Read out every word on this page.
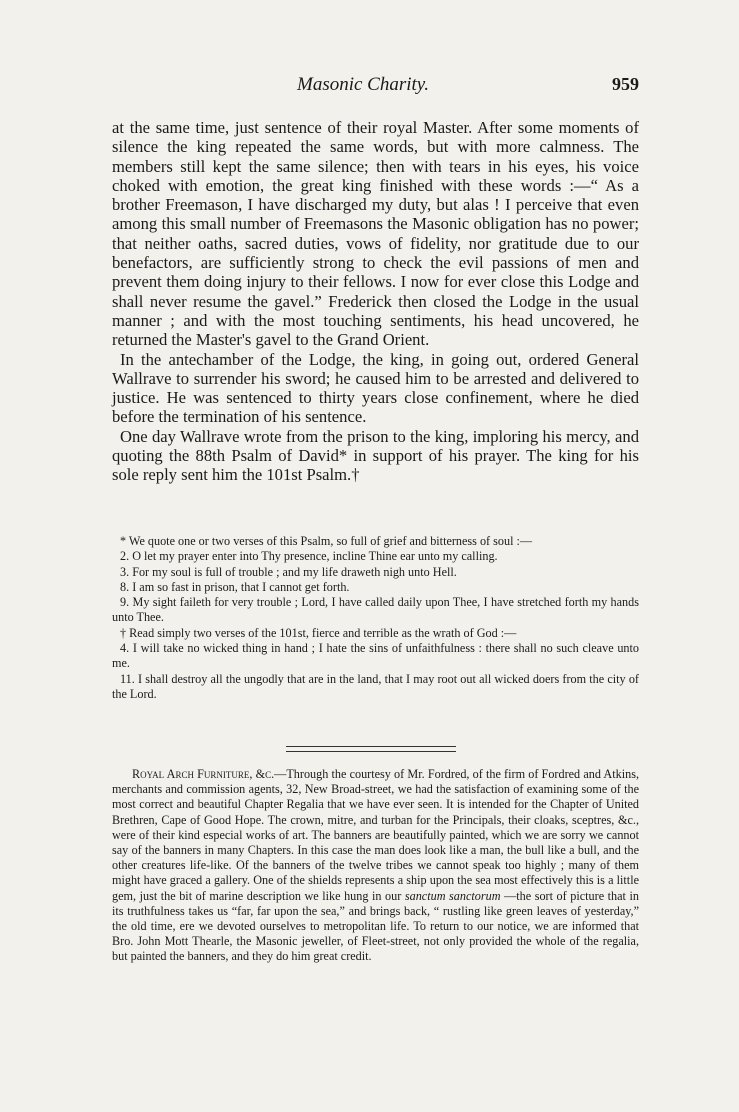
Masonic Charity.	959

at the same time, just sentence of their royal Master. After some moments of silence the king repeated the same words, but with more calmness. The members still kept the same silence; then with tears in his eyes, his voice choked with emotion, the great king finished with these words :—“ As a brother Freemason, I have discharged my duty, but alas ! I perceive that even among this small number of Freemasons the Masonic obligation has no power; that neither oaths, sacred duties, vows of fidelity, nor gratitude due to our benefactors, are sufficiently strong to check the evil passions of men and prevent them doing injury to their fellows. I now for ever close this Lodge and shall never resume the gavel.” Frederick then closed the Lodge in the usual manner ; and with the most touching sentiments, his head uncovered, he returned the Master's gavel to the Grand Orient.

In the antechamber of the Lodge, the king, in going out, ordered General Wallrave to surrender his sword; he caused him to be arrested and delivered to justice. He was sentenced to thirty years close confinement, where he died before the termination of his sentence.

One day Wallrave wrote from the prison to the king, imploring his mercy, and quoting the 88th Psalm of David* in support of his prayer. The king for his sole reply sent him the 101st Psalm.†

* We quote one or two verses of this Psalm, so full of grief and bitterness of soul :—

2. O let my prayer enter into Thy presence, incline Thine ear unto my calling.

3. For my soul is full of trouble ; and my life draweth nigh unto Hell.

8. I am so fast in prison, that I cannot get forth.

9. My sight faileth for very trouble ; Lord, I have called daily upon Thee, I have stretched forth my hands unto Thee.

† Read simply two verses of the 101st, fierce and terrible as the wrath of God :—

4. I will take no wicked thing in hand ; I hate the sins of unfaithfulness : there shall no such cleave unto me.

11. I shall destroy all the ungodly that are in the land, that I may root out all wicked doers from the city of the Lord.

Royal Arch Furniture, &c.—Through the courtesy of Mr. Fordred, of the firm of Fordred and Atkins, merchants and commission agents, 32, New Broad-street, we had the satisfaction of examining some of the most correct and beautiful Chapter Regalia that we have ever seen. It is intended for the Chapter of United Brethren, Cape of Good Hope. The crown, mitre, and turban for the Principals, their cloaks, sceptres, &c., were of their kind especial works of art. The banners are beautifully painted, which we are sorry we cannot say of the banners in many Chapters. In this case the man does look like a man, the bull like a bull, and the other creatures life-like. Of the banners of the twelve tribes we cannot speak too highly ; many of them might have graced a gallery. One of the shields represents a ship upon the sea most effectively this is a little gem, just the bit of marine description we like hung in our sanctum sanctorum —the sort of picture that in its truthfulness takes us “far, far upon the sea,” and brings back, “ rustling like green leaves of yesterday,” the old time, ere we devoted ourselves to metropolitan life. To return to our notice, we are informed that Bro. John Mott Thearle, the Masonic jeweller, of Fleet-street, not only provided the whole of the regalia, but painted the banners, and they do him great credit.
